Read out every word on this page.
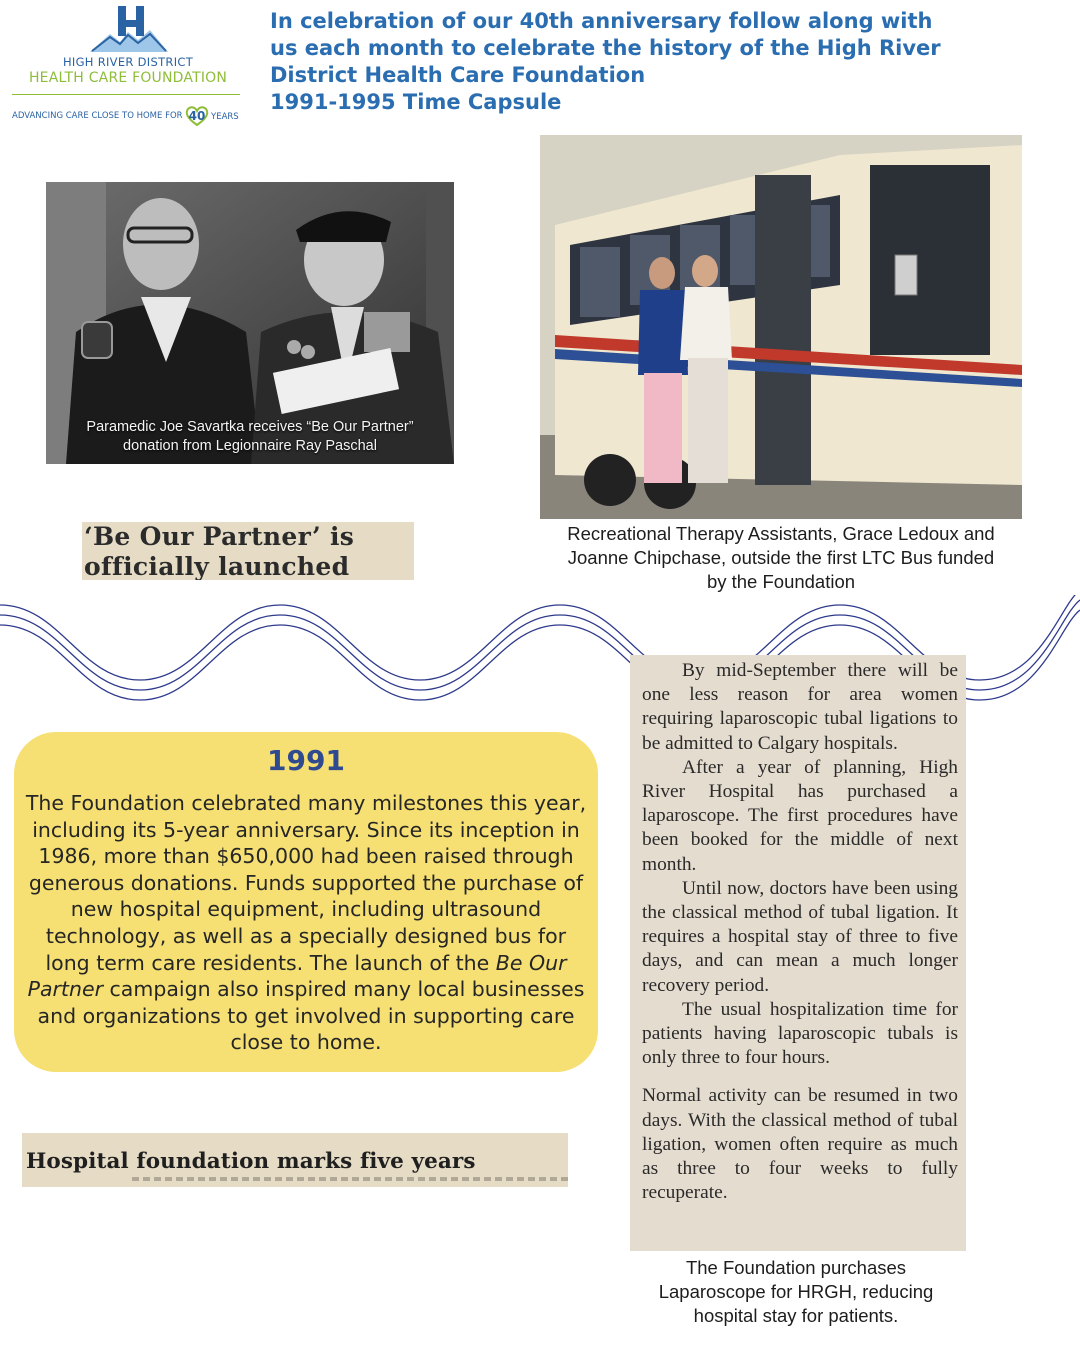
HIGH RIVER DISTRICT
HEALTH CARE FOUNDATION
ADVANCING CARE CLOSE TO HOME FOR 40 YEARS
In celebration of our 40th anniversary follow along with
us each month to celebrate the history of the High River
District Health Care Foundation
1991-1995 Time Capsule
Paramedic Joe Savartka receives “Be Our Partner”
donation from Legionnaire Ray Paschal
Recreational Therapy Assistants, Grace Ledoux and
Joanne Chipchase, outside the first LTC Bus funded
by the Foundation
‘Be Our Partner’ is
officially launched
1991
The Foundation celebrated many milestones this year, including its 5-year anniversary. Since its inception in 1986, more than $650,000 had been raised through generous donations. Funds supported the purchase of new hospital equipment, including ultrasound technology, as well as a specially designed bus for long term care residents. The launch of the Be Our Partner campaign also inspired many local businesses and organizations to get involved in supporting care close to home.
Hospital foundation marks five years

By mid-September there will be one less reason for area women requiring laparoscopic tubal ligations to be admitted to Calgary hospitals.

After a year of planning, High River Hospital has purchased a laparoscope. The first procedures have been booked for the middle of next month.

Until now, doctors have been using the classical method of tubal ligation. It requires a hospital stay of three to five days, and can mean a much longer recovery period.

The usual hospitalization time for patients having laparoscopic tubals is only three to four hours.

Normal activity can be resumed in two days. With the classical method of tubal ligation, women often require as much as three to four weeks to fully recuperate.

The Foundation purchases
Laparoscope for HRGH, reducing
hospital stay for patients.
